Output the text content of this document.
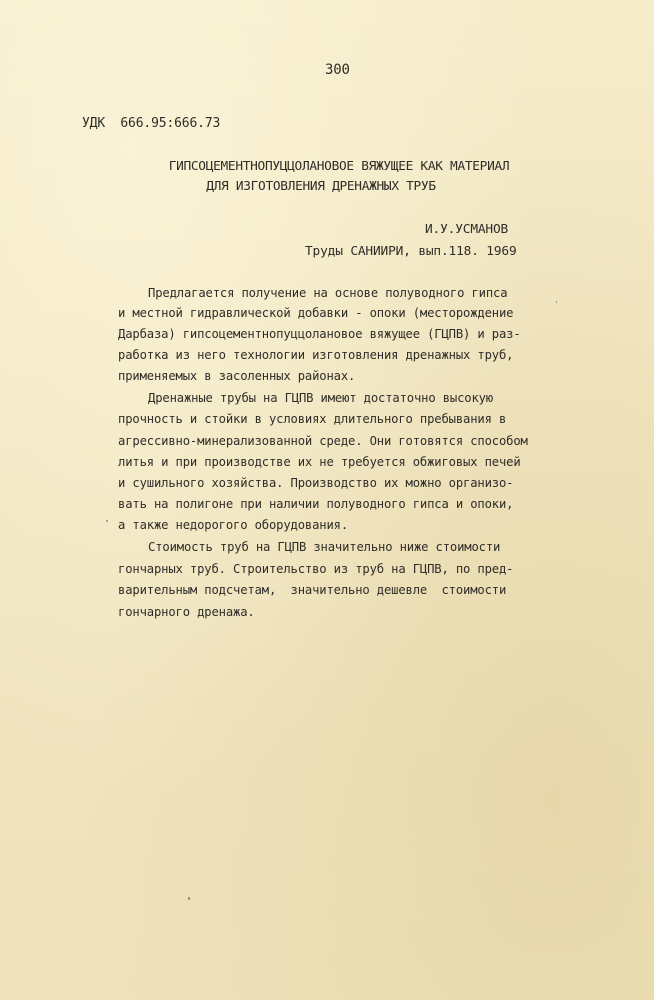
300
УДК  666.95:666.73
ГИПСОЦЕМЕНТНОПУЦЦОЛАНОВОЕ ВЯЖУЩЕЕ КАК МАТЕРИАЛ
ДЛЯ ИЗГОТОВЛЕНИЯ ДРЕНАЖНЫХ ТРУБ
И.У.УСМАНОВ
Труды САНИИРИ, вып.118. 1969
Предлагается получение на основе полуводного гипса
и местной гидравлической добавки - опоки (месторождение
Дарбаза) гипсоцементнопуццолановое вяжущее (ГЦПВ) и раз-
работка из него технологии изготовления дренажных труб,
применяемых в засоленных районах.
Дренажные трубы на ГЦПВ имеют достаточно высокую
прочность и стойки в условиях длительного пребывания в
агрессивно-минерализованной среде. Они готовятся способом
литья и при производстве их не требуется обжиговых печей
и сушильного хозяйства. Производство их можно организо-
вать на полигоне при наличии полуводного гипса и опоки,
а также недорогого оборудования.
Стоимость труб на ГЦПВ значительно ниже стоимости
гончарных труб. Строительство из труб на ГЦПВ, по пред-
варительным подсчетам,  значительно дешевле  стоимости
гончарного дренажа.
